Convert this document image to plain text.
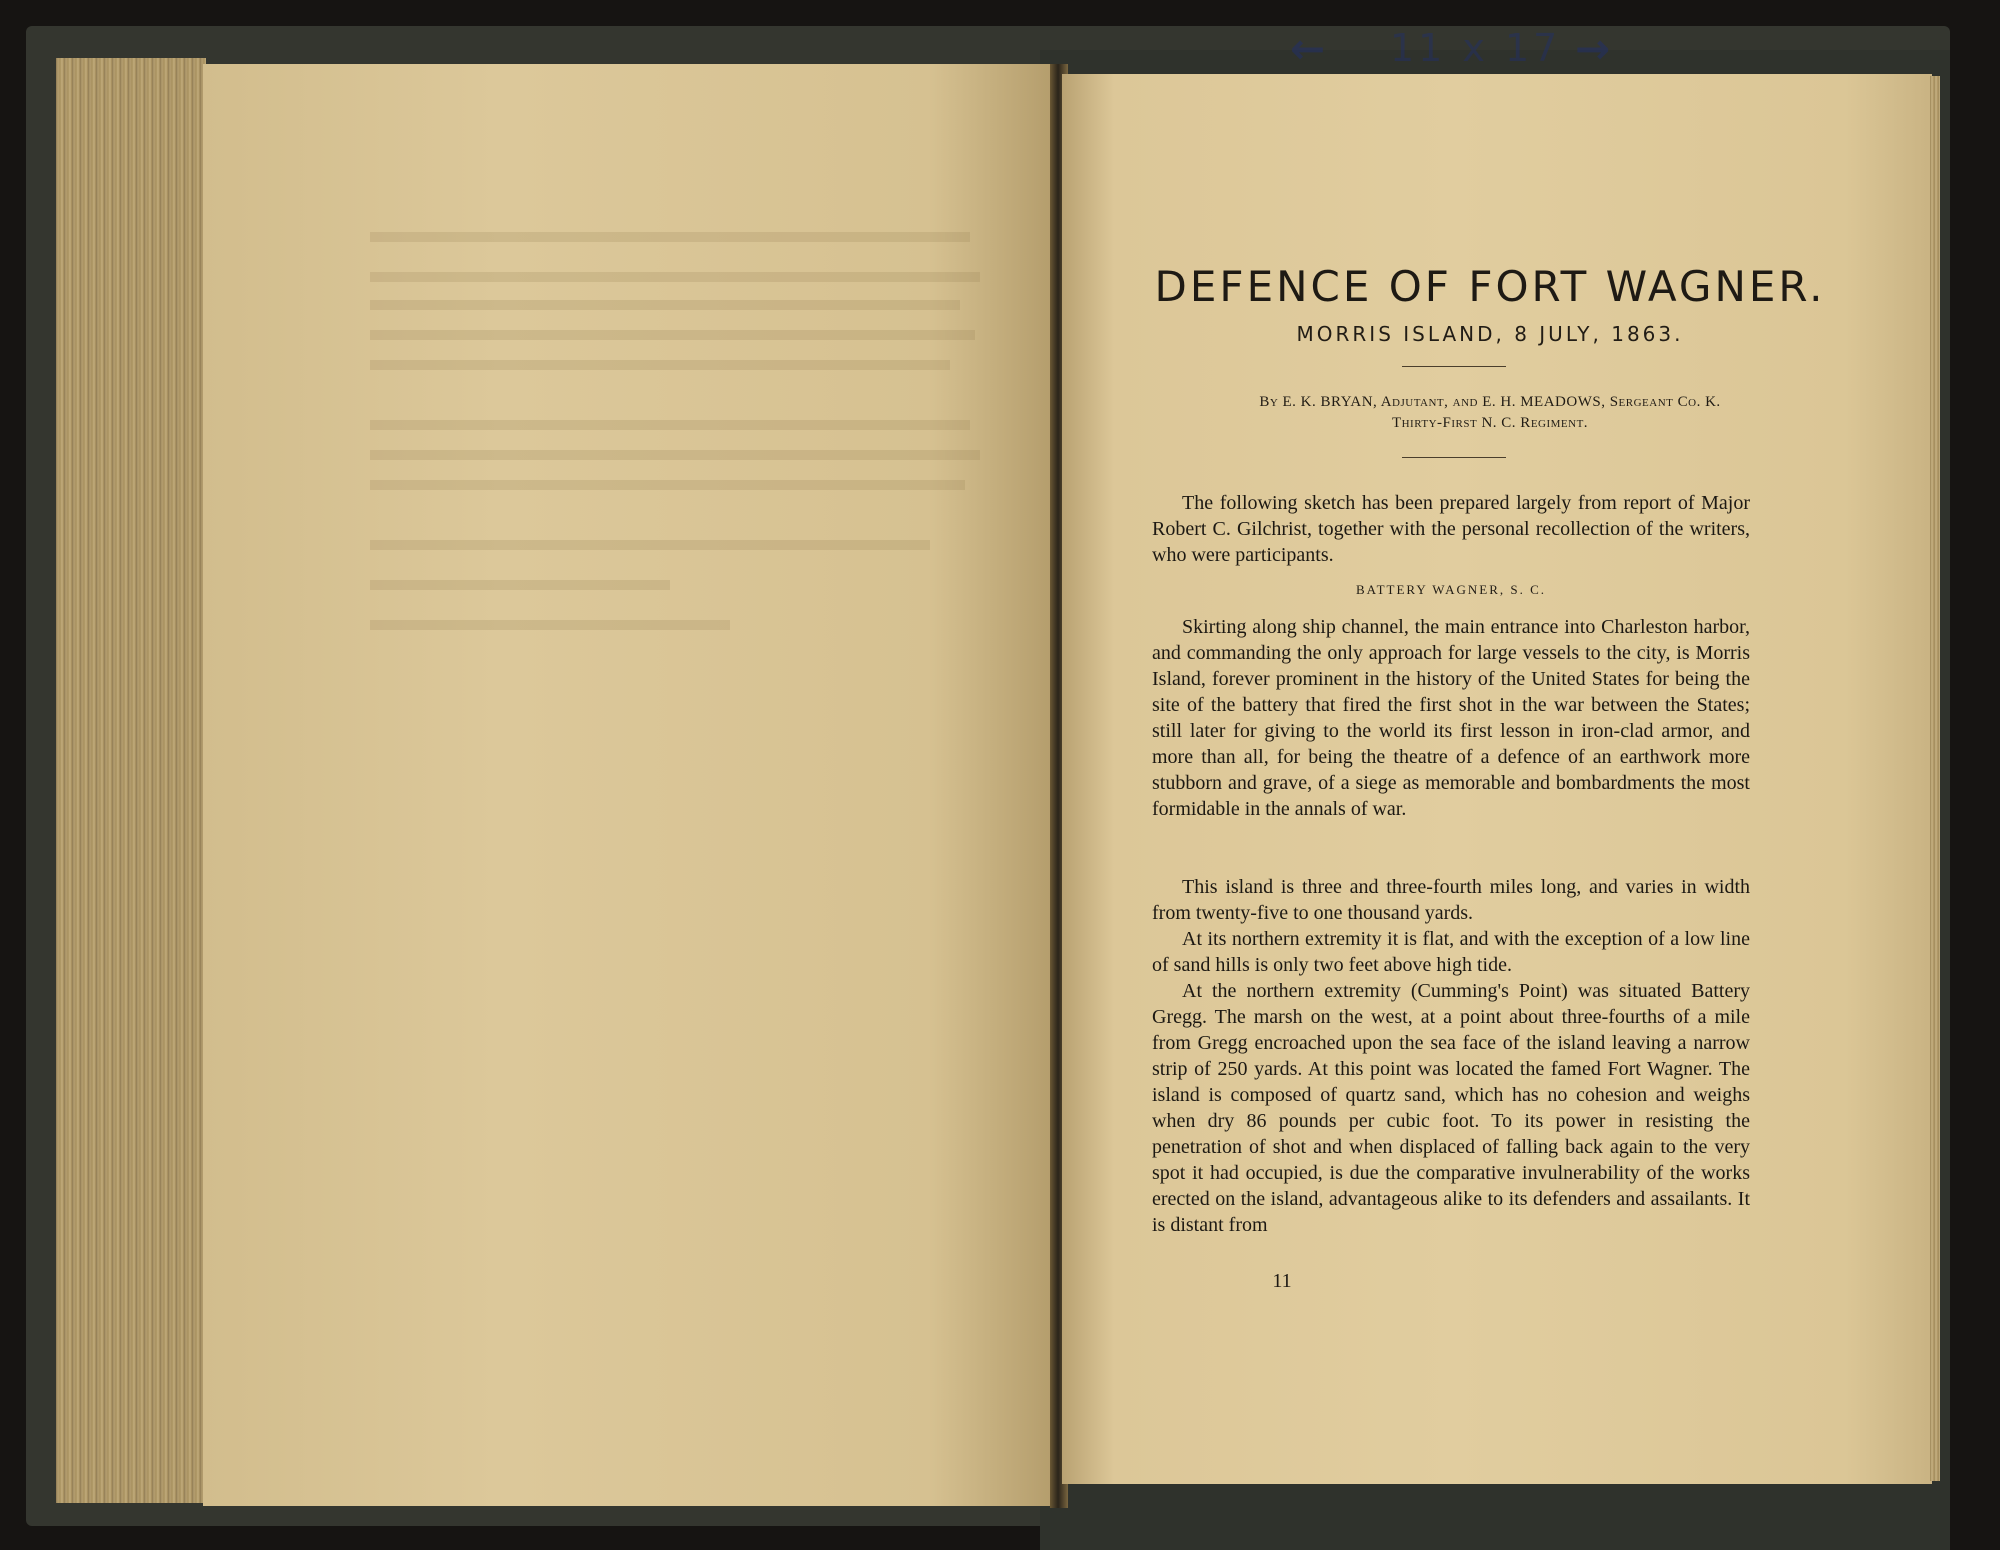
← 11 x 17 →
DEFENCE OF FORT WAGNER.
MORRIS ISLAND, 8 JULY, 1863.
By E. K. BRYAN, Adjutant, and E. H. MEADOWS, Sergeant Co. K.
Thirty-First N. C. Regiment.

The following sketch has been prepared largely from report of Major Robert C. Gilchrist, together with the personal recollection of the writers, who were participants.

BATTERY WAGNER, S. C.

Skirting along ship channel, the main entrance into Charleston harbor, and commanding the only approach for large vessels to the city, is Morris Island, forever prominent in the history of the United States for being the site of the battery that fired the first shot in the war between the States; still later for giving to the world its first lesson in iron-clad armor, and more than all, for being the theatre of a defence of an earthwork more stubborn and grave, of a siege as memorable and bombardments the most formidable in the annals of war.

This island is three and three-fourth miles long, and varies in width from twenty-five to one thousand yards.

At its northern extremity it is flat, and with the exception of a low line of sand hills is only two feet above high tide.

At the northern extremity (Cumming's Point) was situated Battery Gregg. The marsh on the west, at a point about three-fourths of a mile from Gregg encroached upon the sea face of the island leaving a narrow strip of 250 yards. At this point was located the famed Fort Wagner. The island is composed of quartz sand, which has no cohesion and weighs when dry 86 pounds per cubic foot. To its power in resisting the penetration of shot and when displaced of falling back again to the very spot it had occupied, is due the comparative invulnerability of the works erected on the island, advantageous alike to its defenders and assailants. It is distant from

11
